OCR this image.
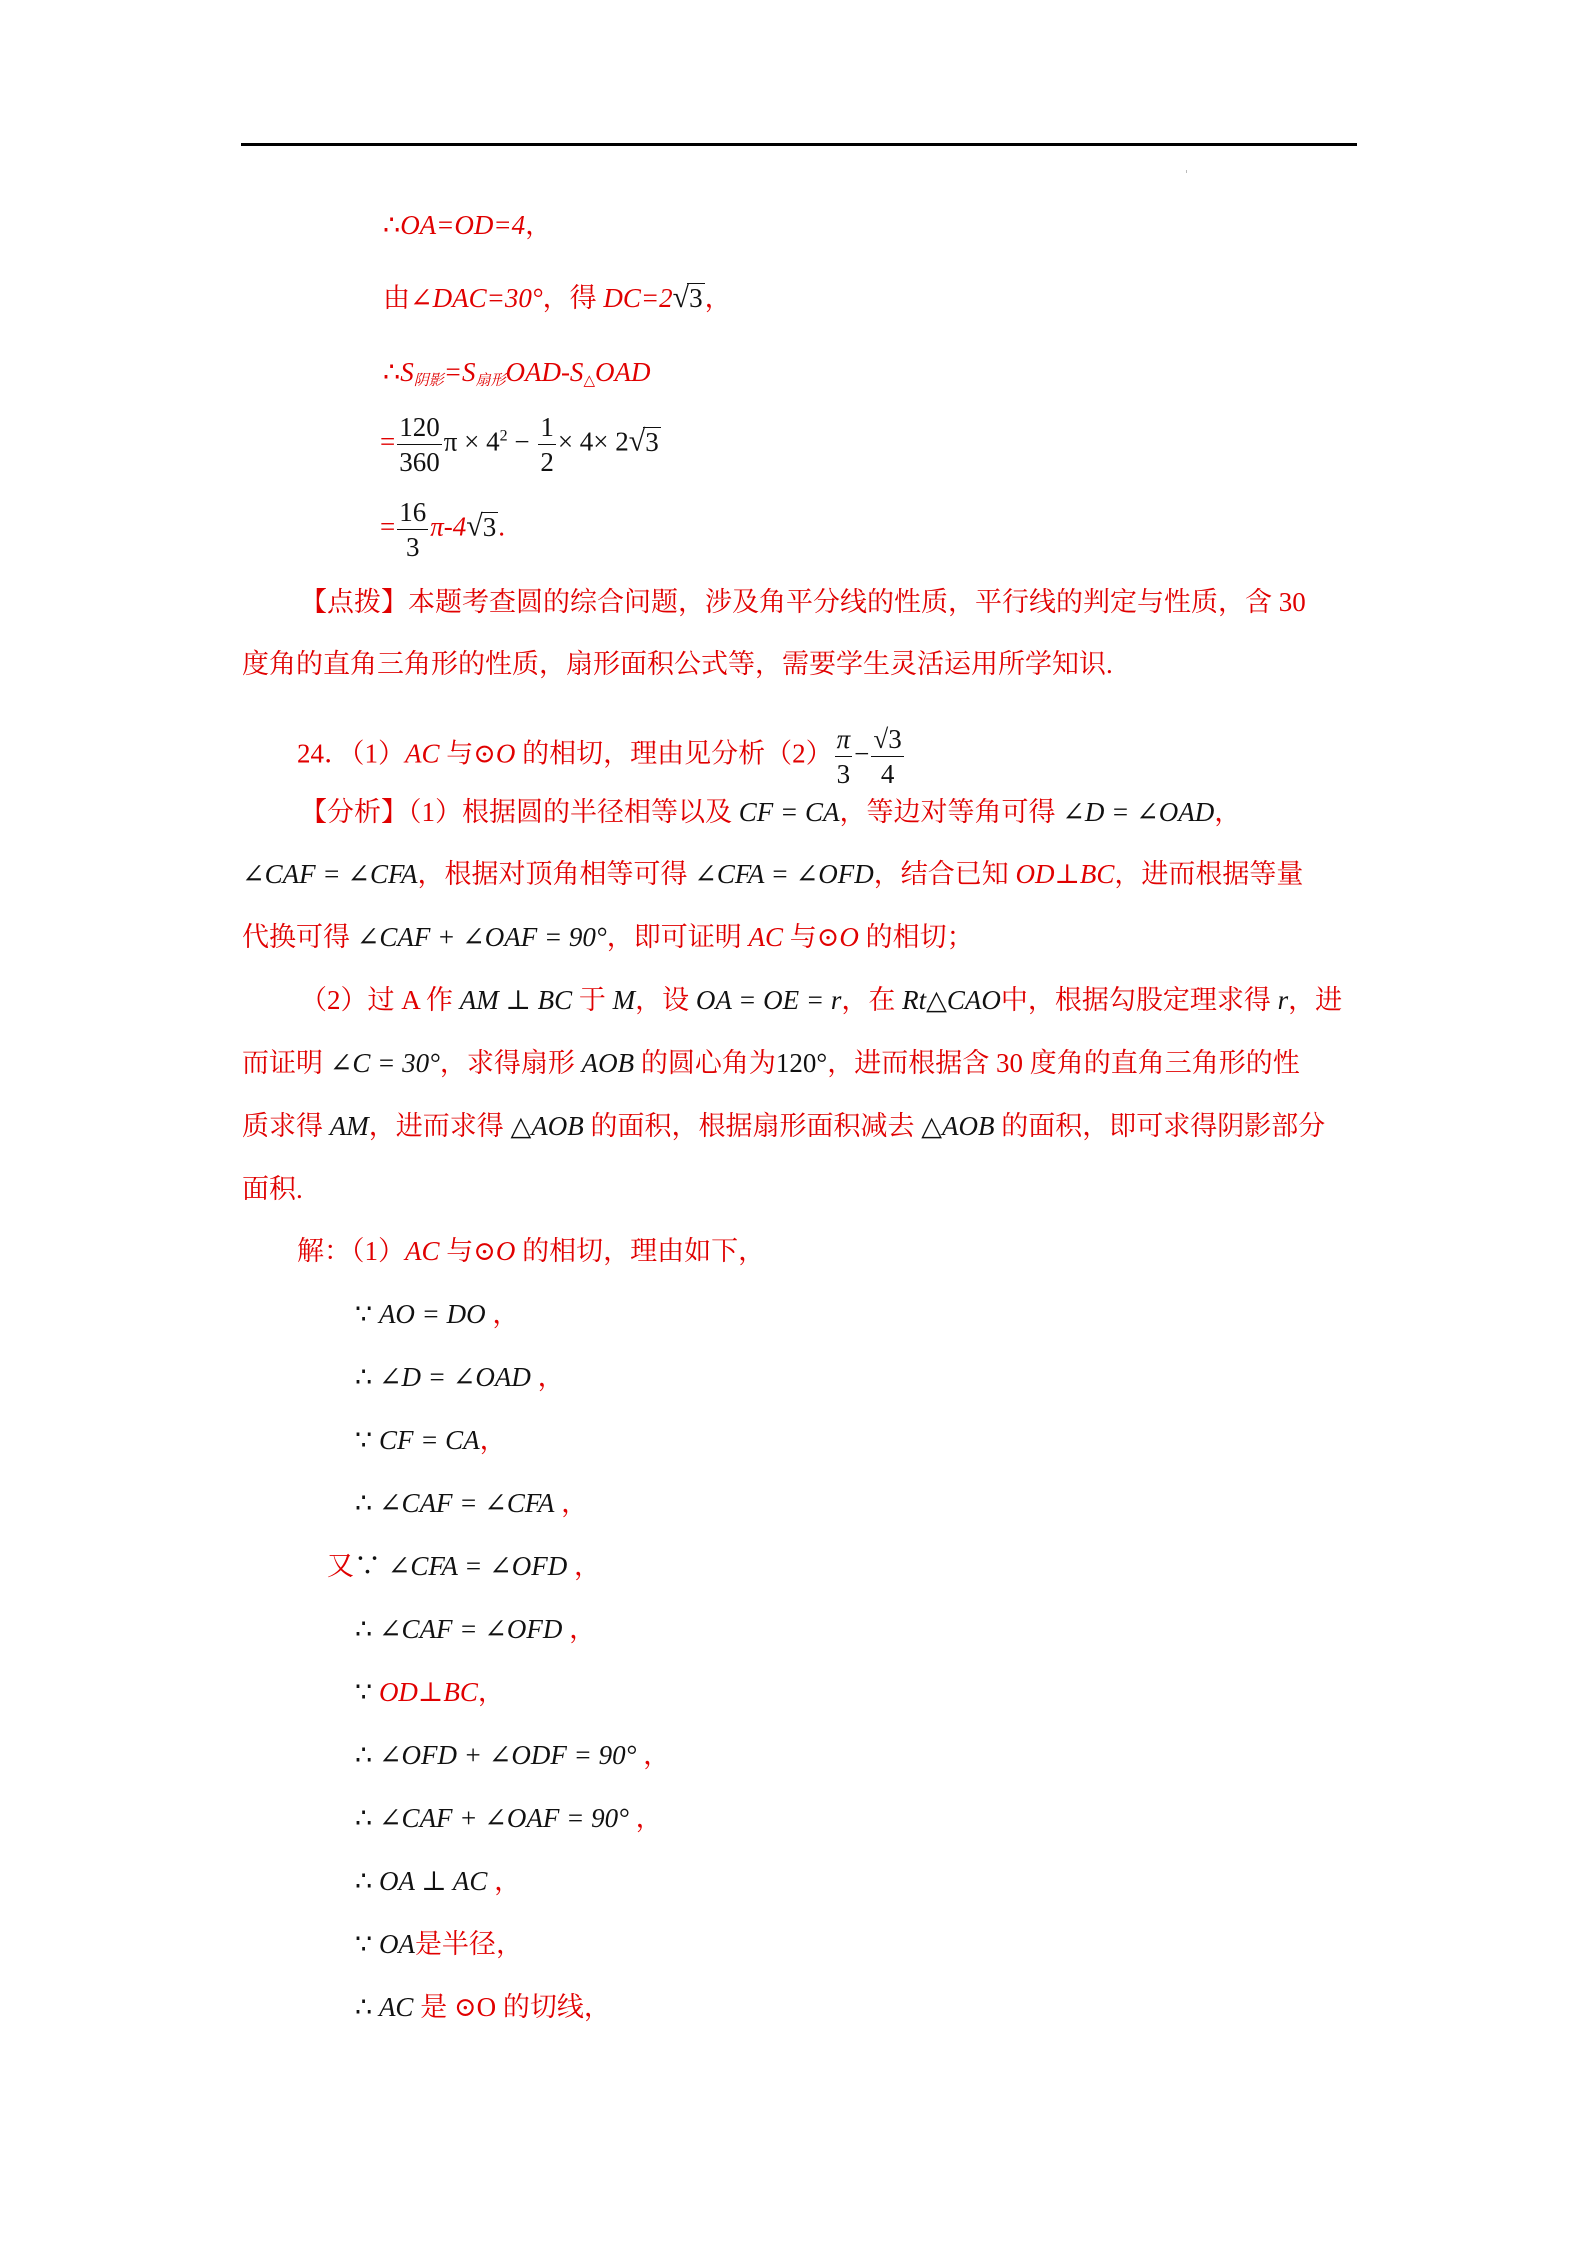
∴OA=OD=4，
由∠DAC=30°，得 DC=2√3，
$\therefore S_{阴影}=S_{扇形}OAD-S_\triangle OAD$
= $\frac{120}{360}$ $\pi \times 4^2 - \frac{1}{2} \times 4\times 2√3$
= $\frac{16}{3} \pi-4√3$.
【点拨】本题考查圆的综合问题，涉及角平分线的性质，平行线的判定与性质，含 30
度角的直角三角形的性质，扇形面积公式等，需要学生灵活运用所学知识.
24．（1）AC 与⊙O 的相切，理由见分析$(2) \frac{\pi}{3} - \frac{√3}{4}$
【分析】（1）根据圆的半径相等以及 CF = CA，等边对等角可得 ∠D = ∠OAD，
∠CAF = ∠CFA，根据对顶角相等可得 ∠CFA = ∠OFD，结合已知 OD⊥BC，进而根据等量
代换可得 ∠CAF + ∠OAF = 90°，即可证明 AC 与⊙O 的相切；
（2）过 A 作 AM ⊥ BC 于 M，设 OA = OE = r，在 Rt△CAO中，根据勾股定理求得 r，进
而证明 ∠C = 30°，求得扇形 AOB 的圆心角为120°，进而根据含 30 度角的直角三角形的性
质求得 AM，进而求得 △AOB 的面积，根据扇形面积减去 △AOB 的面积，即可求得阴影部分
面积.
解：（1）AC 与⊙O 的相切，理由如下，
∵ AO = DO ，
∴ ∠D = ∠OAD ，
∵ CF = CA，
∴ ∠CAF = ∠CFA ，
又∵ ∠CFA = ∠OFD ，
∴ ∠CAF = ∠OFD ，
∵ OD⊥BC，
∴ ∠OFD + ∠ODF = 90° ，
∴ ∠CAF + ∠OAF = 90° ，
∴ OA ⊥ AC ，
∵ OA是半径，
∴ AC 是 ⊙O 的切线，
